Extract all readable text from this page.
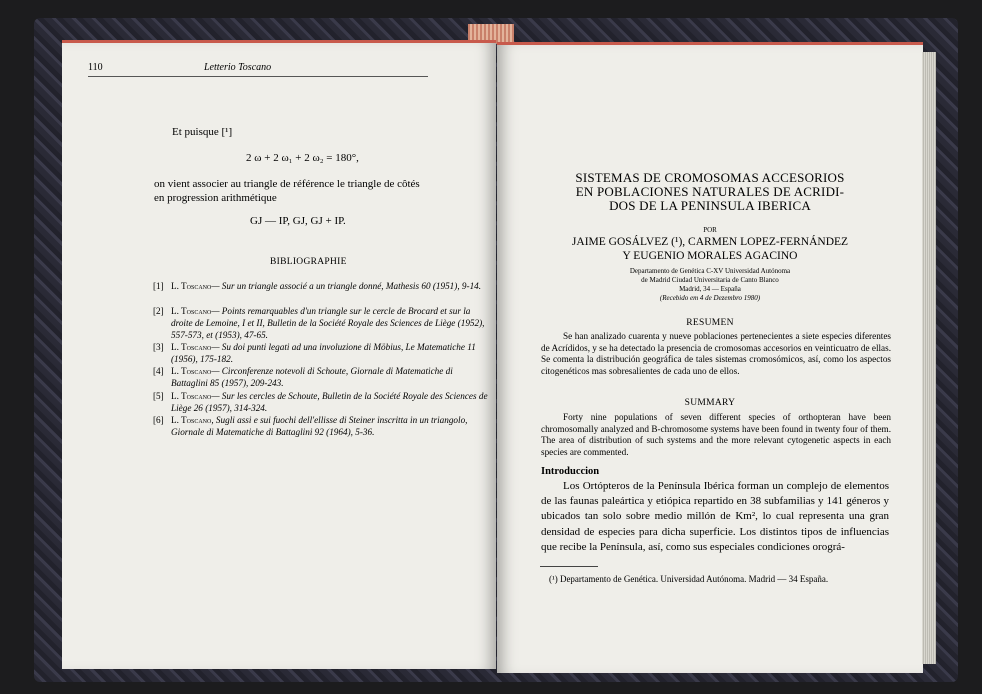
110	Letterio Toscano
Et puisque [¹]
2 ω + 2 ω₁ + 2 ω₂ = 180°,
on vient associer au triangle de référence le triangle de côtés
en progression arithmétique
GJ — IP, GJ, GJ + IP.
BIBLIOGRAPHIE
[1] L. Toscano— Sur un triangle associé a un triangle donné, Mathesis 60 (1951), 9-14.
[2] L. Toscano— Points remarquables d'un triangle sur le cercle de Brocard et sur la droite de Lemoine, I et II, Bulletin de la Société Royale des Sciences de Liège (1952), 557-573, et (1953), 47-65.
[3] L. Toscano— Su doi punti legati ad una involuzione di Möbius, Le Matematiche 11 (1956), 175-182.
[4] L. Toscano— Circonferenze notevoli di Schoute, Giornale di Matematiche di Battaglini 85 (1957), 209-243.
[5] L. Toscano— Sur les cercles de Schoute, Bulletin de la Société Royale des Sciences de Liège 26 (1957), 314-324.
[6] L. Toscano, Sugli assi e sui fuochi dell'ellisse di Steiner inscritta in un triangolo, Giornale di Matematiche di Battaglini 92 (1964), 5-36.
SISTEMAS DE CROMOSOMAS ACCESORIOS
EN POBLACIONES NATURALES DE ACRIDI-
DOS DE LA PENINSULA IBERICA
POR
JAIME GOSÁLVEZ (¹), CARMEN LOPEZ-FERNÁNDEZ
Y EUGENIO MORALES AGACINO
Departamento de Genética C-XV Universidad Autónoma
de Madrid Ciudad Universitaria de Canto Blanco
Madrid, 34 — España
(Recebido em 4 de Dezembro 1980)
RESUMEN
Se han analizado cuarenta y nueve poblaciones pertenecientes a siete especies diferentes de Acrídidos, y se ha detectado la presencia de cromosomas accesorios en veinticuatro de ellas. Se comenta la distribución geográfica de tales sistemas cromosómicos, así, como los aspectos citogenéticos mas sobresalientes de cada uno de ellos.
SUMMARY
Forty nine populations of seven different species of orthopteran have been chromosomally analyzed and B-chromosome systems have been found in twenty four of them. The area of distribution of such systems and the more relevant cytogenetic aspects in each species are commented.
Introduccion
Los Ortópteros de la Península Ibérica forman un complejo de elementos de las faunas paleártica y etiópica repartido en 38 subfamilias y 141 géneros y ubicados tan solo sobre medio millón de Km², lo cual representa una gran densidad de especies para dicha superficie. Los distintos tipos de influencias que recibe la Península, así, como sus especiales condiciones orográ-
(¹) Departamento de Genética. Universidad Autónoma. Madrid — 34 España.
